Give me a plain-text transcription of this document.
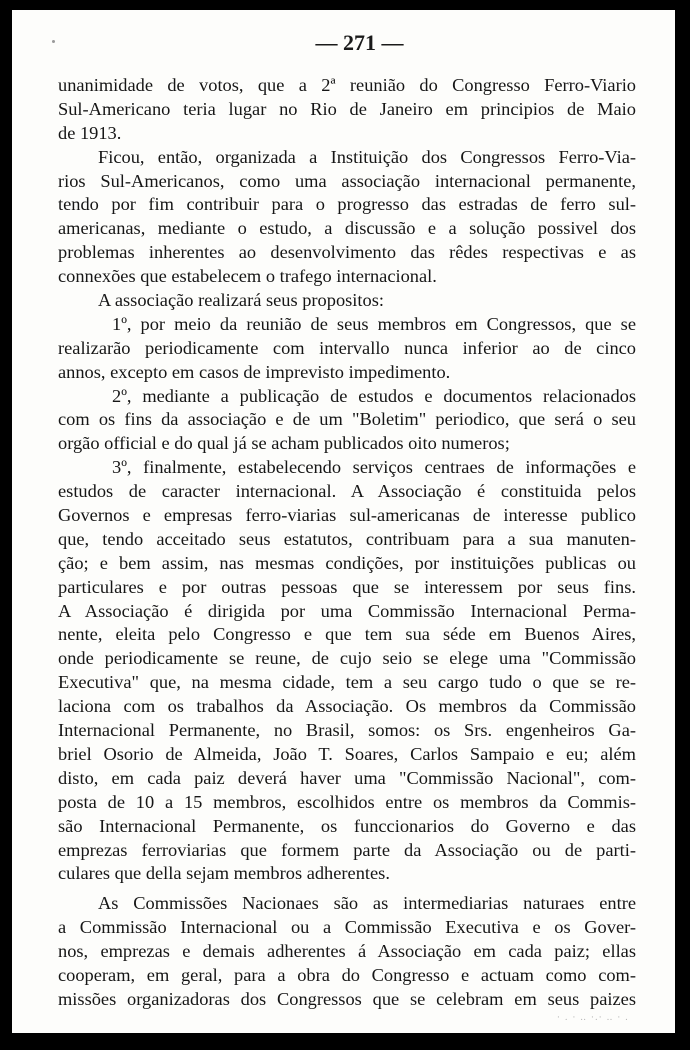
— 271 —
unanimidade de votos, que a 2ª reunião do Congresso Ferro-Viario
Sul-Americano teria lugar no Rio de Janeiro em principios de Maio
de 1913.
Ficou, então, organizada a Instituição dos Congressos Ferro-Via-
rios Sul-Americanos, como uma associação internacional permanente,
tendo por fim contribuir para o progresso das estradas de ferro sul-
americanas, mediante o estudo, a discussão e a solução possivel dos
problemas inherentes ao desenvolvimento das rêdes respectivas e as
connexões que estabelecem o trafego internacional.
A associação realizará seus propositos:
1º, por meio da reunião de seus membros em Congressos, que se
realizarão periodicamente com intervallo nunca inferior ao de cinco
annos, excepto em casos de imprevisto impedimento.
2º, mediante a publicação de estudos e documentos relacionados
com os fins da associação e de um "Boletim" periodico, que será o seu
orgão official e do qual já se acham publicados oito numeros;
3º, finalmente, estabelecendo serviços centraes de informações e
estudos de caracter internacional. A Associação é constituida pelos
Governos e empresas ferro-viarias sul-americanas de interesse publico
que, tendo acceitado seus estatutos, contribuam para a sua manuten-
ção; e bem assim, nas mesmas condições, por instituições publicas ou
particulares e por outras pessoas que se interessem por seus fins.
A Associação é dirigida por uma Commissão Internacional Perma-
nente, eleita pelo Congresso e que tem sua séde em Buenos Aires,
onde periodicamente se reune, de cujo seio se elege uma "Commissão
Executiva" que, na mesma cidade, tem a seu cargo tudo o que se re-
laciona com os trabalhos da Associação. Os membros da Commissão
Internacional Permanente, no Brasil, somos: os Srs. engenheiros Ga-
briel Osorio de Almeida, João T. Soares, Carlos Sampaio e eu; além
disto, em cada paiz deverá haver uma "Commissão Nacional", com-
posta de 10 a 15 membros, escolhidos entre os membros da Commis-
são Internacional Permanente, os funccionarios do Governo e das
emprezas ferroviarias que formem parte da Associação ou de parti-
culares que della sejam membros adherentes.
As Commissões Nacionaes são as intermediarias naturaes entre
a Commissão Internacional ou a Commissão Executiva e os Gover-
nos, emprezas e demais adherentes á Associação em cada paiz; ellas
cooperam, em geral, para a obra do Congresso e actuam como com-
missões organizadoras dos Congressos que se celebram em seus paizes
· . · ‥ ·.· ‥ · .
